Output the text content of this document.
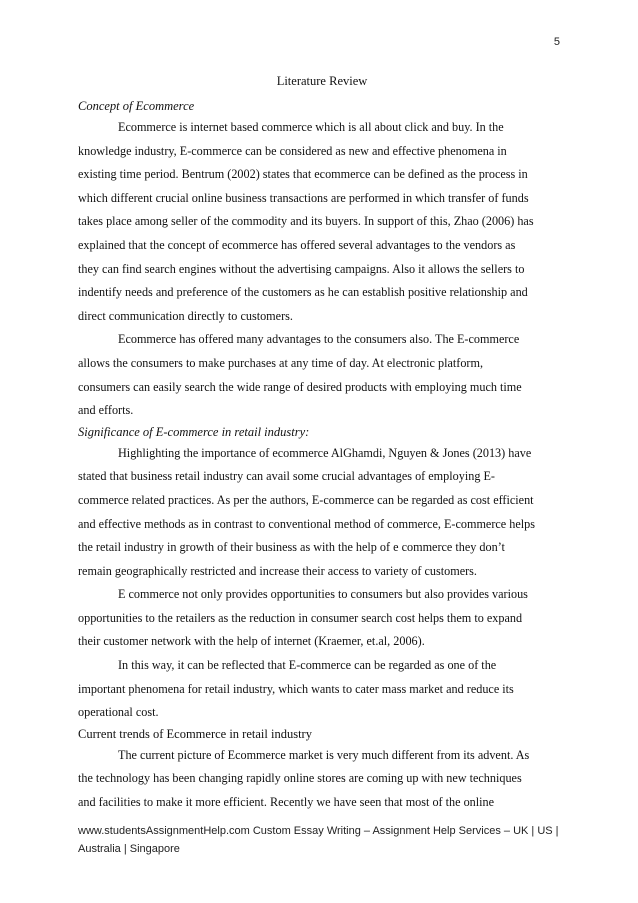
5
Literature Review
Concept of Ecommerce

Ecommerce is internet based commerce which is all about click and buy. In the
knowledge industry, E-commerce can be considered as new and effective phenomena in
existing time period. Bentrum (2002) states that ecommerce can be defined as the process in
which different crucial online business transactions are performed in which transfer of funds
takes place among seller of the commodity and its buyers. In support of this, Zhao (2006) has
explained that the concept of ecommerce has offered several advantages to the vendors as
they can find search engines without the advertising campaigns. Also it allows the sellers to
indentify needs and preference of the customers as he can establish positive relationship and
direct communication directly to customers.

Ecommerce has offered many advantages to the consumers also. The E-commerce
allows the consumers to make purchases at any time of day. At electronic platform,
consumers can easily search the wide range of desired products with employing much time
and efforts.

Significance of E-commerce in retail industry:

Highlighting the importance of ecommerce AlGhamdi, Nguyen & Jones (2013) have
stated that business retail industry can avail some crucial advantages of employing E-
commerce related practices. As per the authors, E-commerce can be regarded as cost efficient
and effective methods as in contrast to conventional method of commerce, E-commerce helps
the retail industry in growth of their business as with the help of e commerce they don’t
remain geographically restricted and increase their access to variety of customers.

E commerce not only provides opportunities to consumers but also provides various
opportunities to the retailers as the reduction in consumer search cost helps them to expand
their customer network with the help of internet (Kraemer, et.al, 2006).

In this way, it can be reflected that E-commerce can be regarded as one of the
important phenomena for retail industry, which wants to cater mass market and reduce its
operational cost.

Current trends of Ecommerce in retail industry

The current picture of Ecommerce market is very much different from its advent. As
the technology has been changing rapidly online stores are coming up with new techniques
and facilities to make it more efficient. Recently we have seen that most of the online

www.studentsAssignmentHelp.com Custom Essay Writing – Assignment Help Services – UK | US |
Australia | Singapore
